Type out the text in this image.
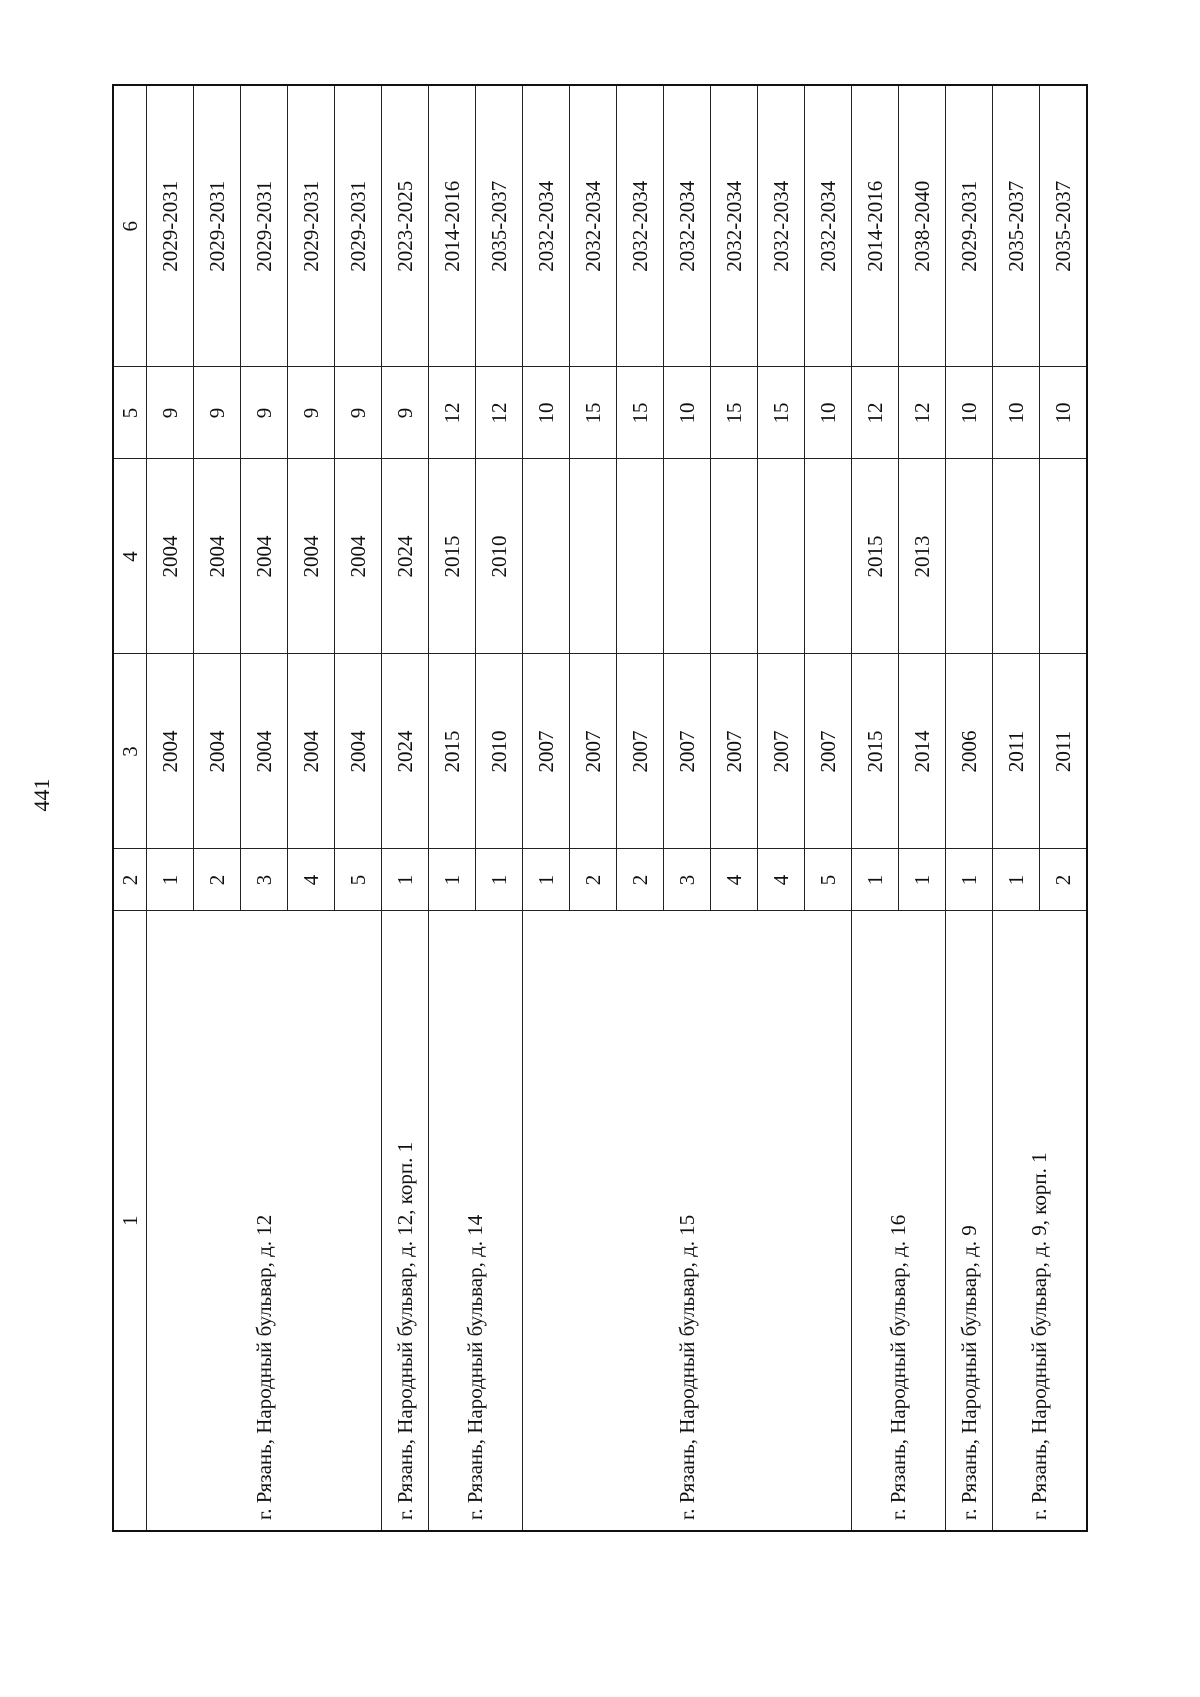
441
1	2	3	4	5	6
г. Рязань, Народный бульвар, д. 12	1	2004	2004	9	2029-2031
	2	2004	2004	9	2029-2031
	3	2004	2004	9	2029-2031
	4	2004	2004	9	2029-2031
	5	2004	2004	9	2029-2031
г. Рязань, Народный бульвар, д. 12, корп. 1	1	2024	2024	9	2023-2025
г. Рязань, Народный бульвар, д. 14	1	2015	2015	12	2014-2016
	1	2010	2010	12	2035-2037
г. Рязань, Народный бульвар, д. 15	1	2007		10	2032-2034
	2	2007		15	2032-2034
	2	2007		15	2032-2034
	3	2007		10	2032-2034
	4	2007		15	2032-2034
	4	2007		15	2032-2034
	5	2007		10	2032-2034
г. Рязань, Народный бульвар, д. 16	1	2015	2015	12	2014-2016
	1	2014	2013	12	2038-2040
г. Рязань, Народный бульвар, д. 9	1	2006		10	2029-2031
г. Рязань, Народный бульвар, д. 9, корп. 1	1	2011		10	2035-2037
	2	2011		10	2035-2037
